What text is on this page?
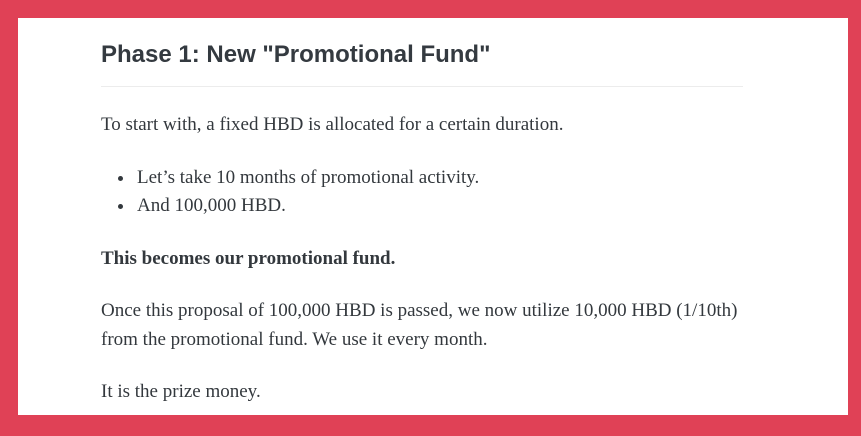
Phase 1: New "Promotional Fund"

To start with, a fixed HBD is allocated for a certain duration.

• Let’s take 10 months of promotional activity.
• And 100,000 HBD.

This becomes our promotional fund.

Once this proposal of 100,000 HBD is passed, we now utilize 10,000 HBD (1/10th) from the promotional fund. We use it every month.

It is the prize money.
